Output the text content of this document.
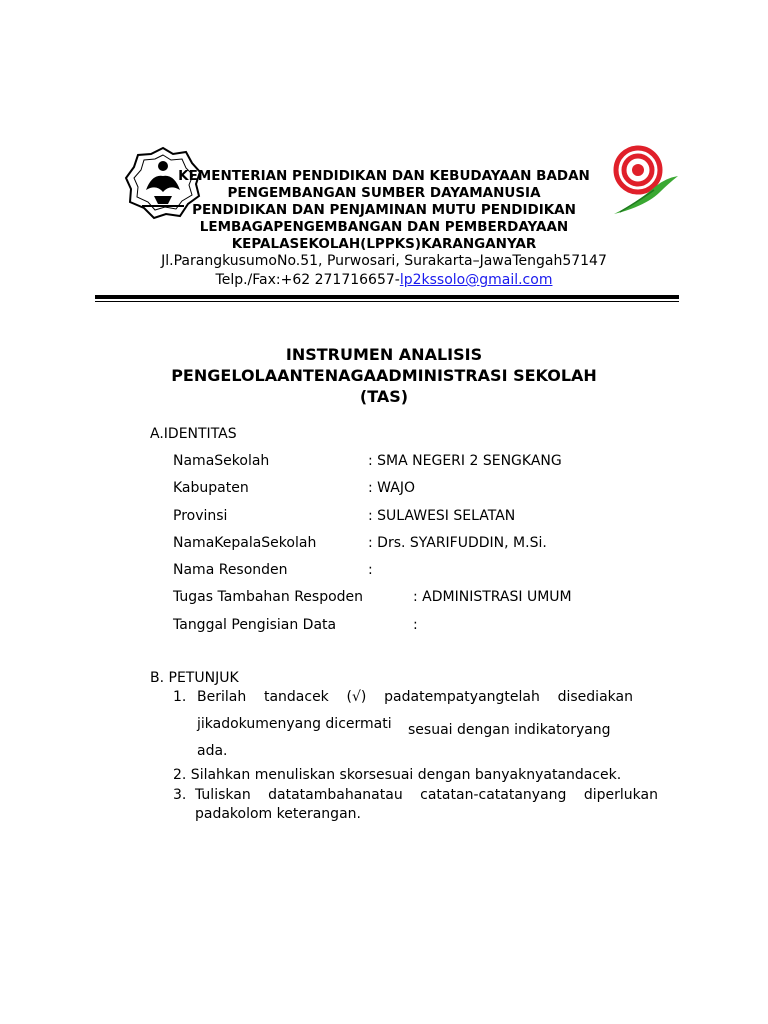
KEMENTERIAN PENDIDIKAN DAN KEBUDAYAAN BADAN
PENGEMBANGAN SUMBER DAYAMANUSIA
PENDIDIKAN DAN PENJAMINAN MUTU PENDIDIKAN
LEMBAGAPENGEMBANGAN DAN PEMBERDAYAAN
KEPALASEKOLAH(LPPKS)KARANGANYAR
Jl.ParangkusumoNo.51, Purwosari, Surakarta–JawaTengah57147
Telp./Fax:+62 271716657-lp2kssolo@gmail.com
INSTRUMEN ANALISIS
PENGELOLAANTENAGAADMINISTRASI SEKOLAH
(TAS)
A.IDENTITAS
NamaSekolah	: SMA NEGERI 2 SENGKANG
Kabupaten	: WAJO
Provinsi	: SULAWESI SELATAN
NamaKepalaSekolah	: Drs. SYARIFUDDIN, M.Si.
Nama Resonden	:
Tugas Tambahan Respoden	: ADMINISTRASI UMUM
Tanggal Pengisian Data	:
B. PETUNJUK
1. Berilah tandacek (√) padatempatyangtelah disediakan
jikadokumenyang dicermati sesuai dengan indikatoryang
ada.
2. Silahkan menuliskan skorsesuai dengan banyaknyatandacek.
3. Tuliskan datatambahanatau catatan-catatanyang diperlukan
padakolom keterangan.
